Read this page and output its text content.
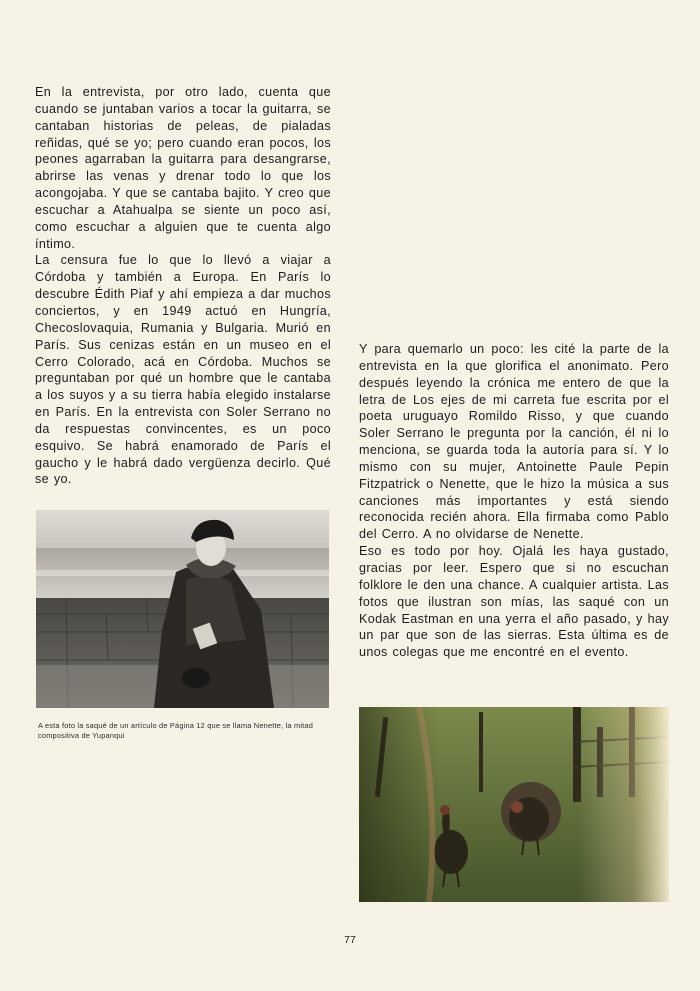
En la entrevista, por otro lado, cuenta que cuando se juntaban varios a tocar la guitarra, se cantaban historias de peleas, de pialadas reñidas, qué se yo; pero cuando eran pocos, los peones agarraban la guitarra para desangrarse, abrirse las venas y drenar todo lo que los acongojaba. Y que se cantaba bajito. Y creo que escuchar a Atahualpa se siente un poco así, como escuchar a alguien que te cuenta algo íntimo.

La censura fue lo que lo llevó a viajar a Córdoba y también a Europa. En París lo descubre Édith Piaf y ahí empieza a dar muchos conciertos, y en 1949 actuó en Hungría, Checoslovaquia, Rumania y Bulgaria. Murió en París. Sus cenizas están en un museo en el Cerro Colorado, acá en Córdoba. Muchos se preguntaban por qué un hombre que le cantaba a los suyos y a su tierra había elegido instalarse en París. En la entrevista con Soler Serrano no da respuestas convincentes, es un poco esquivo. Se habrá enamorado de París el gaucho y le habrá dado vergüenza decirlo. Qué se yo.

A esta foto la saqué de un artículo de Página 12 que se llama Nenette, la mitad compositiva de Yupanqui

Y para quemarlo un poco: les cité la parte de la entrevista en la que glorifica el anonimato. Pero después leyendo la crónica me entero de que la letra de Los ejes de mi carreta fue escrita por el poeta uruguayo Romildo Risso, y que cuando Soler Serrano le pregunta por la canción, él ni lo menciona, se guarda toda la autoría para sí. Y lo mismo con su mujer, Antoinette Paule Pepin Fitzpatrick o Nenette, que le hizo la música a sus canciones más importantes y está siendo reconocida recién ahora. Ella firmaba como Pablo del Cerro. A no olvidarse de Nenette.

Eso es todo por hoy. Ojalá les haya gustado, gracias por leer. Espero que si no escuchan folklore le den una chance. A cualquier artista. Las fotos que ilustran son mías, las saqué con un Kodak Eastman en una yerra el año pasado, y hay un par que son de las sierras. Esta última es de unos colegas que me encontré en el evento.

77
